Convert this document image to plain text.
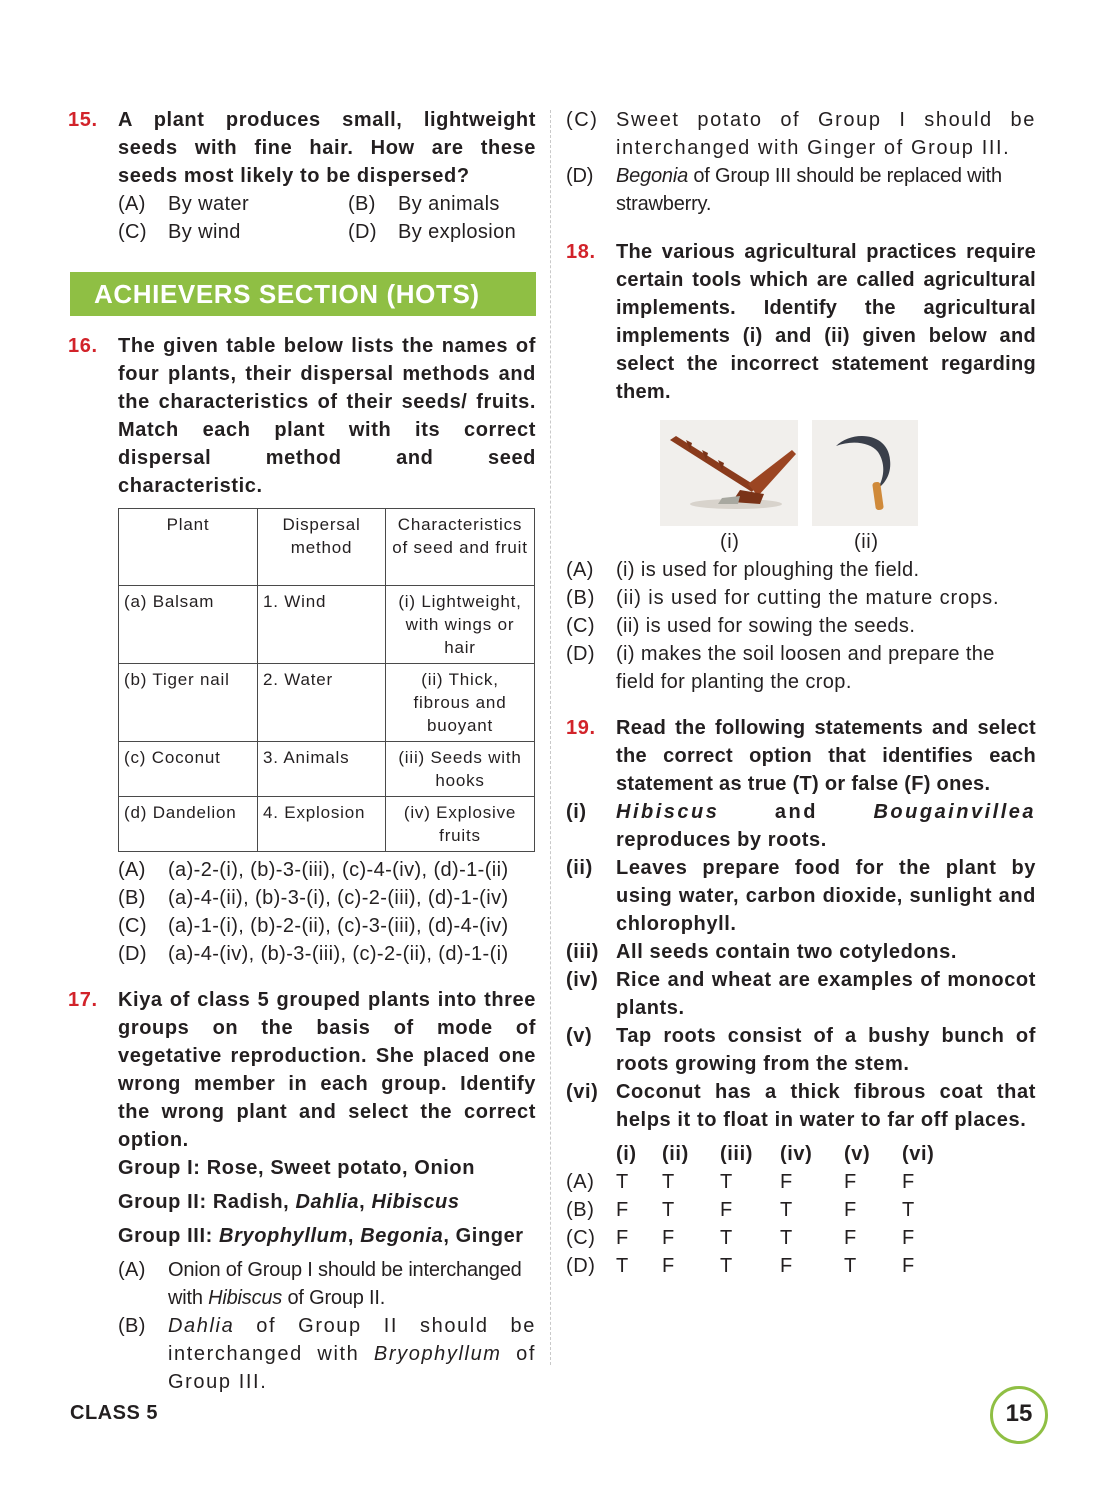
15. A plant produces small, lightweight seeds with fine hair. How are these seeds most likely to be dispersed?
(A) By water	(B) By animals
(C) By wind	(D) By explosion
ACHIEVERS SECTION (HOTS)
16. The given table below lists the names of four plants, their dispersal methods and the characteristics of their seeds/ fruits. Match each plant with its correct dispersal method and seed characteristic.
Plant	Dispersal method	Characteristics of seed and fruit
(a) Balsam	1. Wind	(i) Lightweight, with wings or hair
(b) Tiger nail	2. Water	(ii) Thick, fibrous and buoyant
(c) Coconut	3. Animals	(iii) Seeds with hooks
(d) Dandelion	4. Explosion	(iv) Explosive fruits
(A) (a)-2-(i), (b)-3-(iii), (c)-4-(iv), (d)-1-(ii)
(B) (a)-4-(ii), (b)-3-(i), (c)-2-(iii), (d)-1-(iv)
(C) (a)-1-(i), (b)-2-(ii), (c)-3-(iii), (d)-4-(iv)
(D) (a)-4-(iv), (b)-3-(iii), (c)-2-(ii), (d)-1-(i)
17. Kiya of class 5 grouped plants into three groups on the basis of mode of vegetative reproduction. She placed one wrong member in each group. Identify the wrong plant and select the correct option.
Group I: Rose, Sweet potato, Onion
Group II: Radish, Dahlia, Hibiscus
Group III: Bryophyllum, Begonia, Ginger
(A) Onion of Group I should be interchanged with Hibiscus of Group II.
(B) Dahlia of Group II should be interchanged with Bryophyllum of Group III.
(C) Sweet potato of Group I should be interchanged with Ginger of Group III.
(D) Begonia of Group III should be replaced with strawberry.
18. The various agricultural practices require certain tools which are called agricultural implements. Identify the agricultural implements (i) and (ii) given below and select the incorrect statement regarding them.
(i)	(ii)
(A) (i) is used for ploughing the field.
(B) (ii) is used for cutting the mature crops.
(C) (ii) is used for sowing the seeds.
(D) (i) makes the soil loosen and prepare the field for planting the crop.
19. Read the following statements and select the correct option that identifies each statement as true (T) or false (F) ones.
(i) Hibiscus and Bougainvillea reproduces by roots.
(ii) Leaves prepare food for the plant by using water, carbon dioxide, sunlight and chlorophyll.
(iii) All seeds contain two cotyledons.
(iv) Rice and wheat are examples of monocot plants.
(v) Tap roots consist of a bushy bunch of roots growing from the stem.
(vi) Coconut has a thick fibrous coat that helps it to float in water to far off places.
	(i)	(ii)	(iii)	(iv)	(v)	(vi)
(A)	T	T	T	F	F	F
(B)	F	T	F	T	F	T
(C)	F	F	T	T	F	F
(D)	T	F	T	F	T	F
CLASS 5	15
